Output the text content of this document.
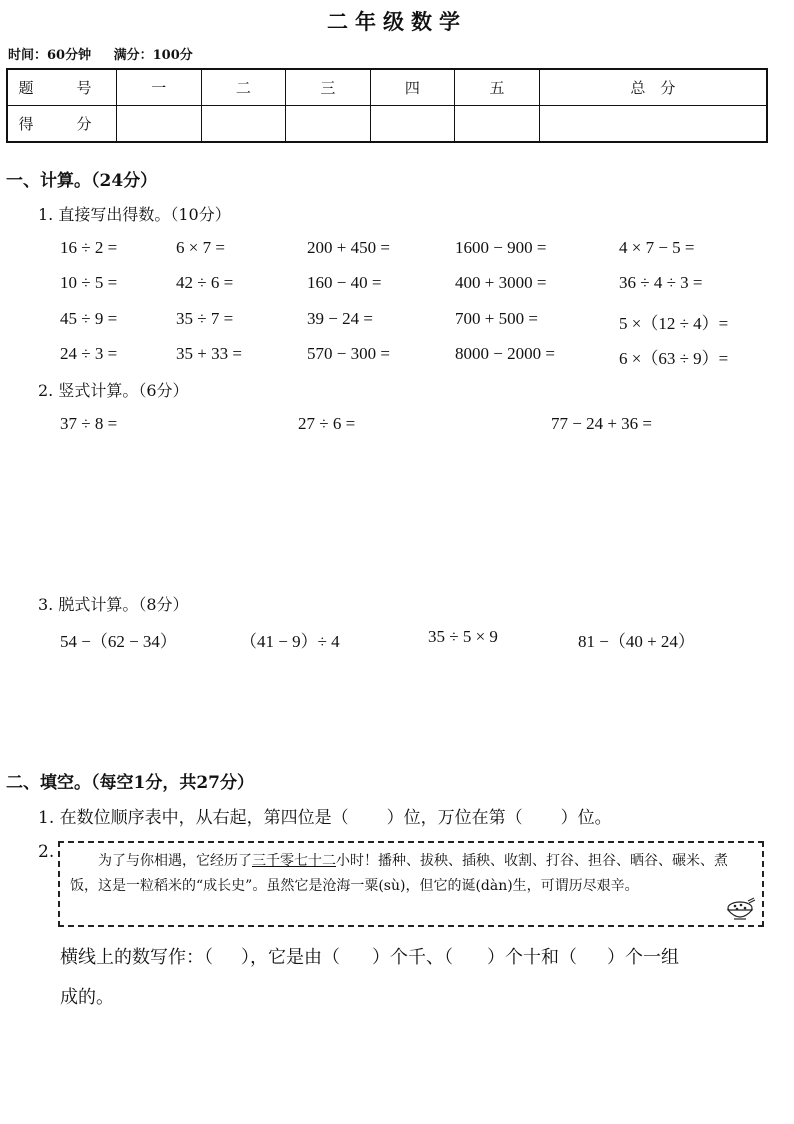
二年级数学
时间：60分钟 满分：100分
题　号	一	二	三	四	五	总　分
得　分						
一、计算。（24分）
1. 直接写出得数。（10分）
16 ÷ 2 =	6 × 7 =	200 + 450 =	1600 − 900 =	4 × 7 − 5 =
10 ÷ 5 =	42 ÷ 6 =	160 − 40 =	400 + 3000 =	36 ÷ 4 ÷ 3 =
45 ÷ 9 =	35 ÷ 7 =	39 − 24 =	700 + 500 =	5 ×（12 ÷ 4）=
24 ÷ 3 =	35 + 33 =	570 − 300 =	8000 − 2000 =	6 ×（63 ÷ 9）=
2. 竖式计算。（6分）
37 ÷ 8 =	27 ÷ 6 =	77 − 24 + 36 =
3. 脱式计算。（8分）
54 −（62 − 34）	（41 − 9）÷ 4	35 ÷ 5 × 9	81 −（40 + 24）
二、填空。（每空1分，共27分）
1. 在数位顺序表中，从右起，第四位是（ ）位，万位在第（ ）位。
2.	为了与你相遇，它经历了三千零七十二小时！播种、拔秧、插秧、收割、打谷、担谷、晒谷、碾米、煮饭，这是一粒稻米的“成长史”。虽然它是沧海一粟(sù)，但它的诞(dàn)生，可谓历尽艰辛。
横线上的数写作：（ ），它是由（ ）个千、（ ）个十和（ ）个一组
成的。
